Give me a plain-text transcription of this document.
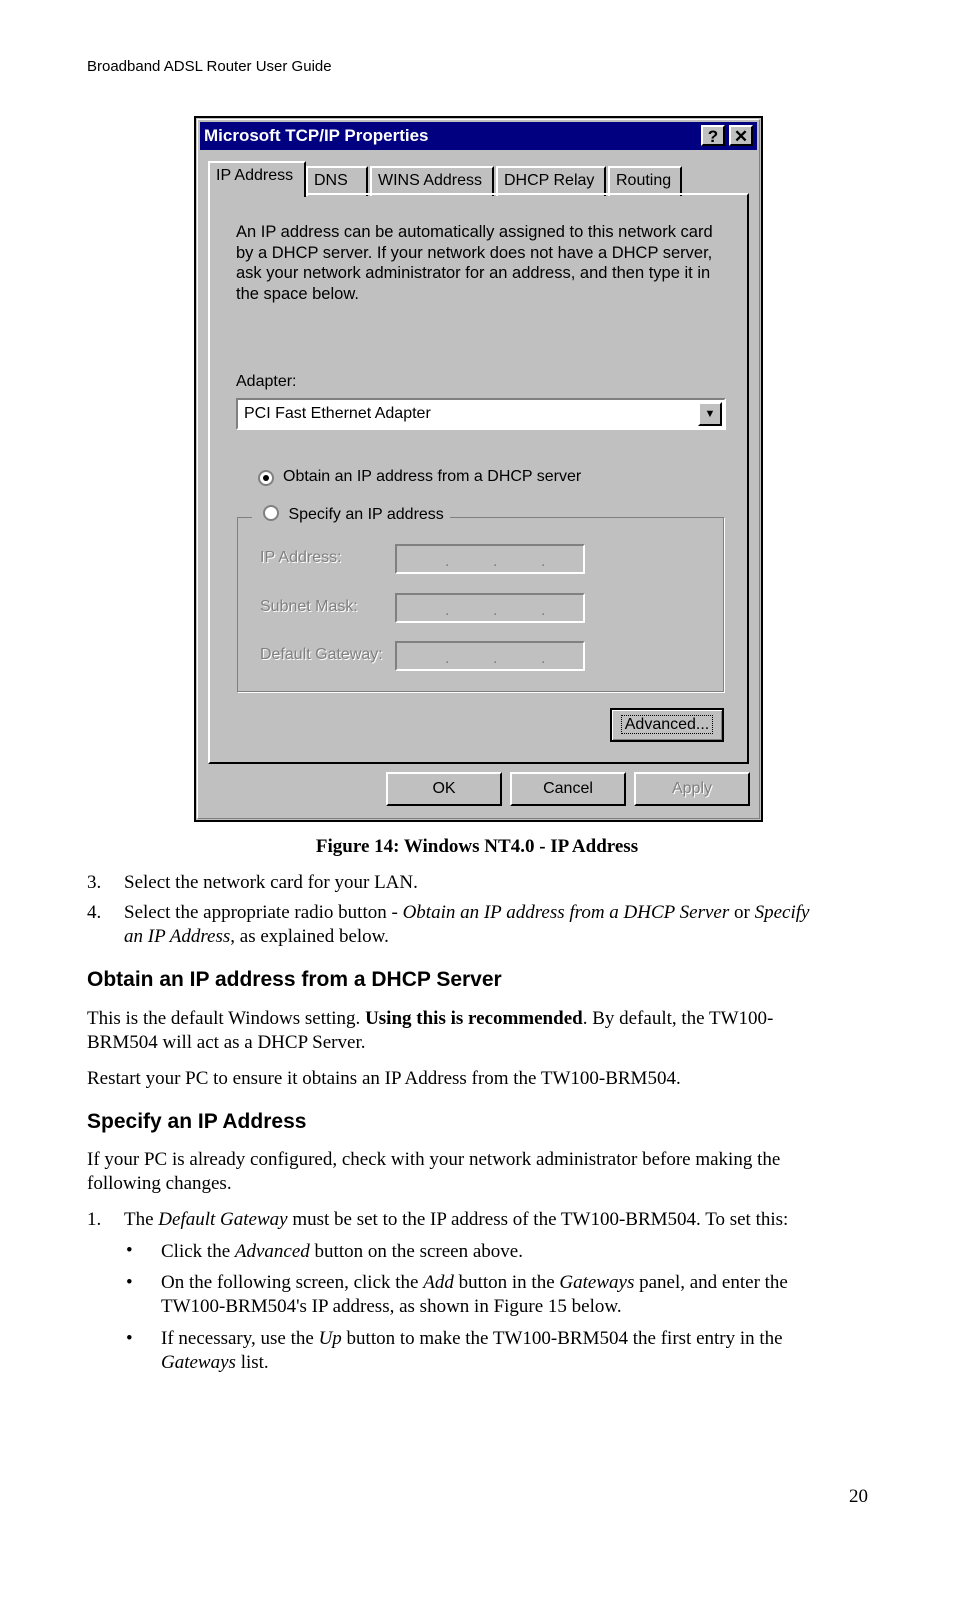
Broadband ADSL Router User Guide
Microsoft TCP/IP Properties	? ✕
IP Address	DNS	WINS Address	DHCP Relay	Routing
An IP address can be automatically assigned to this network card
by a DHCP server. If your network does not have a DHCP server,
ask your network administrator for an address, and then type it in
the space below.
Adapter:
PCI Fast Ethernet Adapter	▼
Obtain an IP address from a DHCP server
Specify an IP address
IP Address:	.	.	.
Subnet Mask:	.	.	.
Default Gateway:	.	.	.
Advanced...
OK	Cancel	Apply
Figure 14: Windows NT4.0 - IP Address
3. Select the network card for your LAN.
4. Select the appropriate radio button - Obtain an IP address from a DHCP Server or Specify
an IP Address, as explained below.
Obtain an IP address from a DHCP Server
This is the default Windows setting. Using this is recommended. By default, the TW100-
BRM504 will act as a DHCP Server.
Restart your PC to ensure it obtains an IP Address from the TW100-BRM504.
Specify an IP Address
If your PC is already configured, check with your network administrator before making the
following changes.
1. The Default Gateway must be set to the IP address of the TW100-BRM504. To set this:
• Click the Advanced button on the screen above.
• On the following screen, click the Add button in the Gateways panel, and enter the
TW100-BRM504's IP address, as shown in Figure 15 below.
• If necessary, use the Up button to make the TW100-BRM504 the first entry in the
Gateways list.
20
